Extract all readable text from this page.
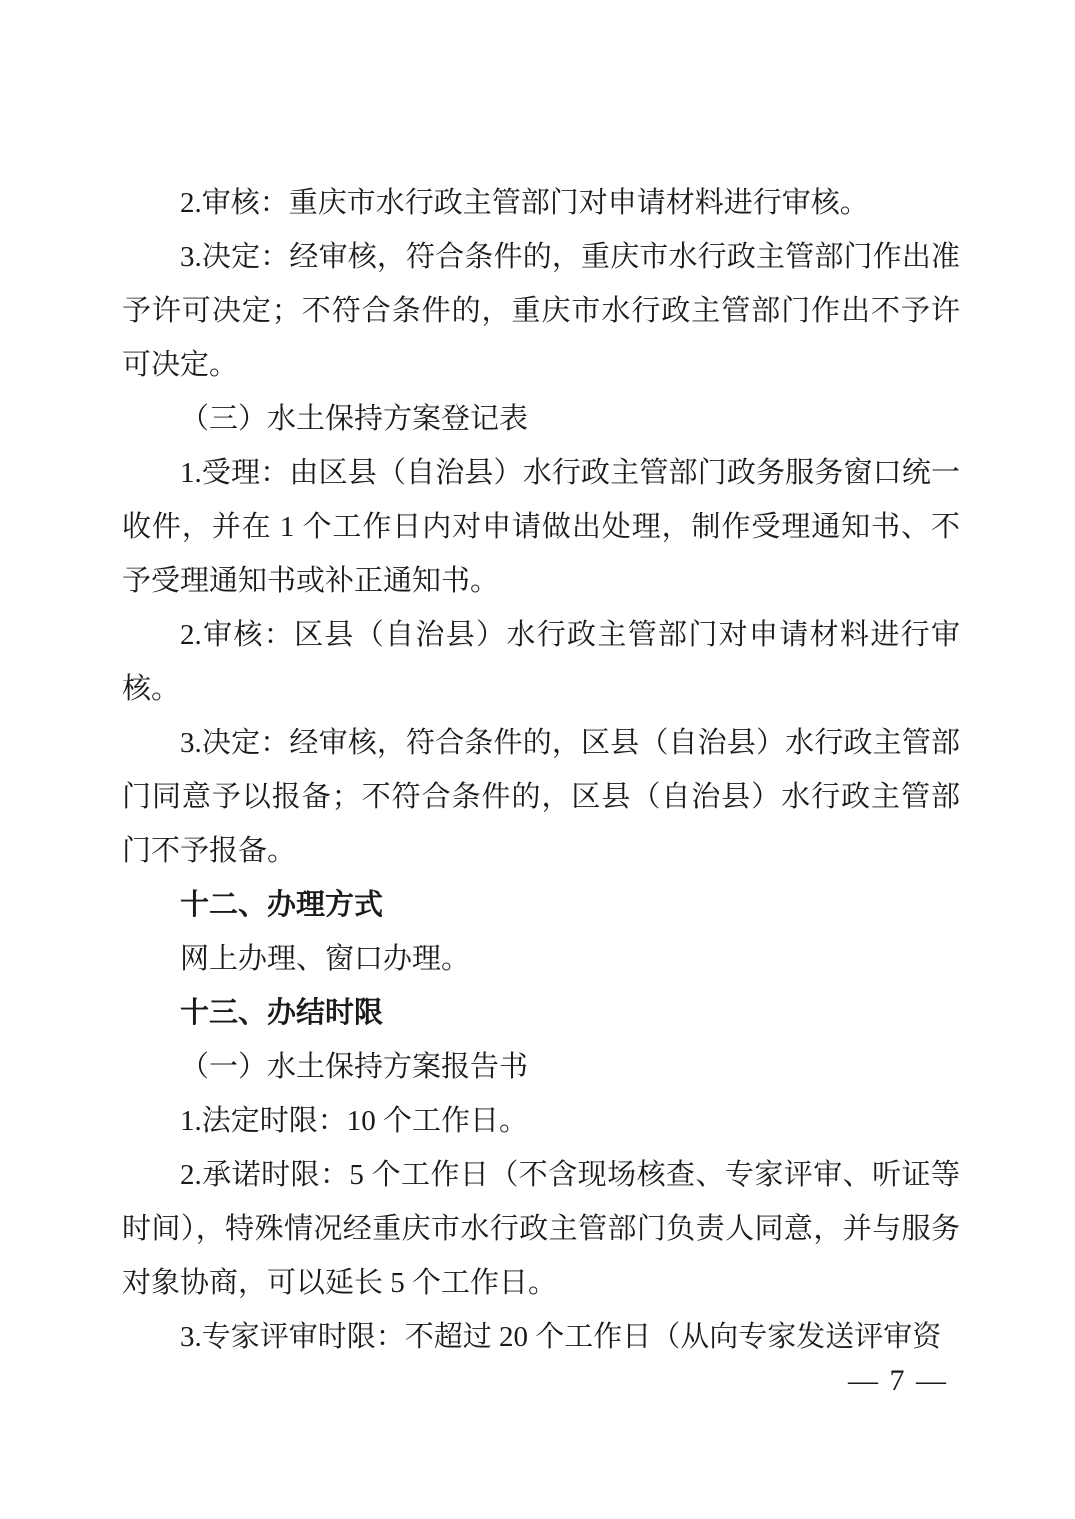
2.审核：重庆市水行政主管部门对申请材料进行审核。

3.决定：经审核，符合条件的，重庆市水行政主管部门作出准予许可决定；不符合条件的，重庆市水行政主管部门作出不予许可决定。

（三）水土保持方案登记表

1.受理：由区县（自治县）水行政主管部门政务服务窗口统一收件，并在 1 个工作日内对申请做出处理，制作受理通知书、不予受理通知书或补正通知书。

2.审核：区县（自治县）水行政主管部门对申请材料进行审核。

3.决定：经审核，符合条件的，区县（自治县）水行政主管部门同意予以报备；不符合条件的，区县（自治县）水行政主管部门不予报备。

十二、办理方式

网上办理、窗口办理。

十三、办结时限

（一）水土保持方案报告书

1.法定时限：10 个工作日。

2.承诺时限：5 个工作日（不含现场核查、专家评审、听证等时间），特殊情况经重庆市水行政主管部门负责人同意，并与服务对象协商，可以延长 5 个工作日。

3.专家评审时限：不超过 20 个工作日（从向专家发送评审资

— 7 —
